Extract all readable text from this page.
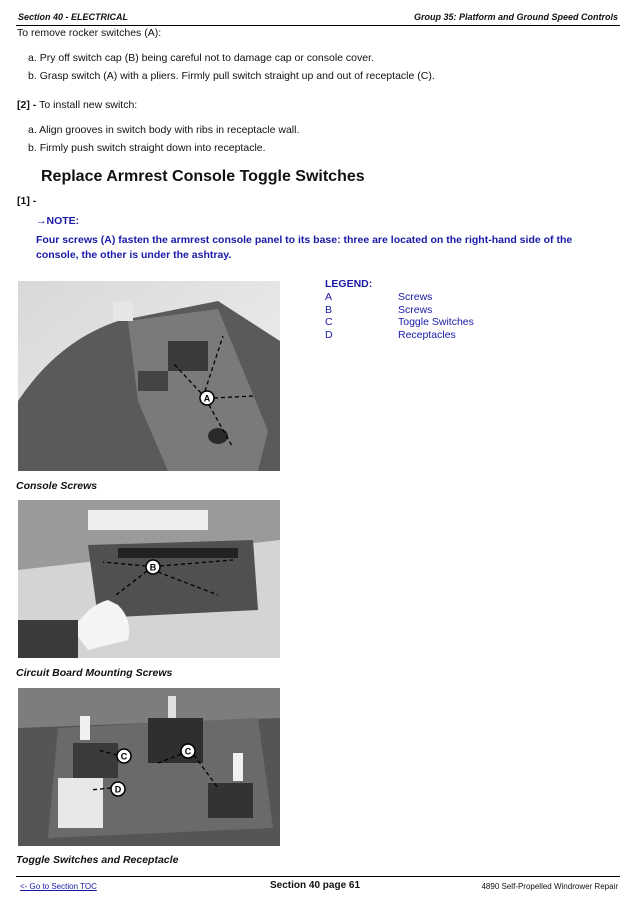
Section 40 - ELECTRICAL	Group 35: Platform and Ground Speed Controls
To remove rocker switches (A):
a. Pry off switch cap (B) being careful not to damage cap or console cover.
b. Grasp switch (A) with a pliers. Firmly pull switch straight up and out of receptacle (C).
[2] - To install new switch:
a. Align grooves in switch body with ribs in receptacle wall.
b. Firmly push switch straight down into receptacle.
Replace Armrest Console Toggle Switches
[1] -
→NOTE:
Four screws (A) fasten the armrest console panel to its base: three are located on the right-hand side of the console, the other is under the ashtray.
A
Console Screws
B
Circuit Board Mounting Screws
C	C
D
Toggle Switches and Receptacle
LEGEND:
A	Screws
B	Screws
C	Toggle Switches
D	Receptacles
<- Go to Section TOC	Section 40 page 61	4890 Self-Propelled Windrower Repair
